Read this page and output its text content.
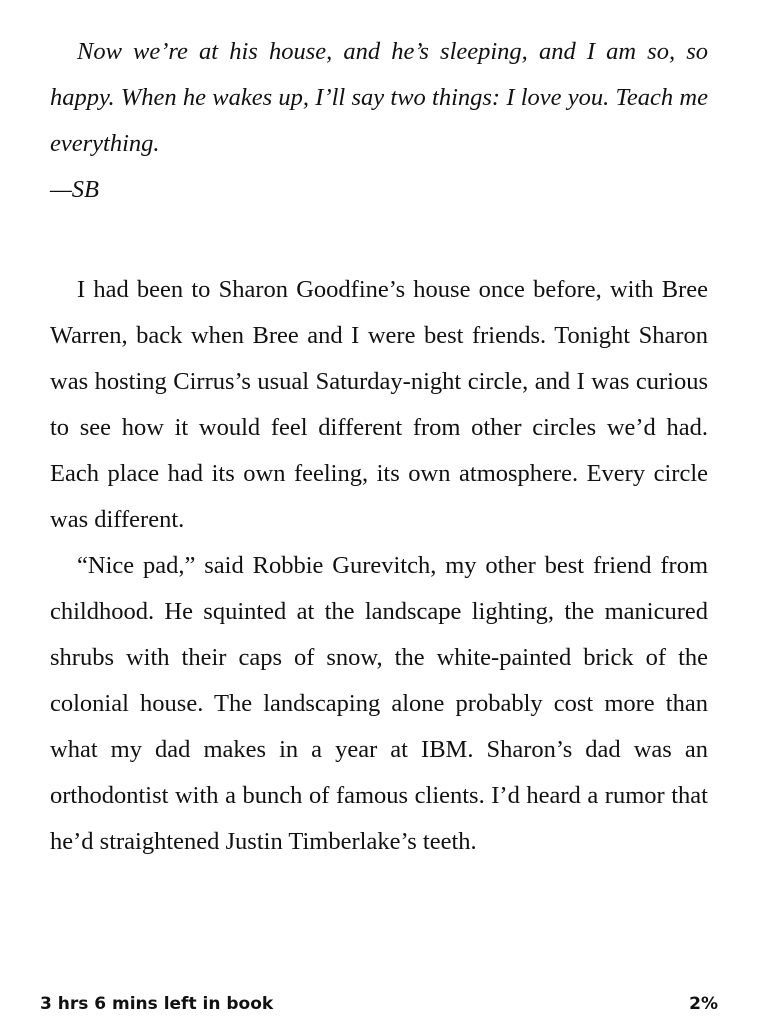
Now we’re at his house, and he’s sleeping, and I am so, so happy. When he wakes up, I’ll say two things: I love you. Teach me everything.

—SB

I had been to Sharon Goodfine’s house once before, with Bree Warren, back when Bree and I were best friends. Tonight Sharon was hosting Cirrus’s usual Saturday-night circle, and I was curious to see how it would feel different from other circles we’d had. Each place had its own feeling, its own atmosphere. Every circle was different.

“Nice pad,” said Robbie Gurevitch, my other best friend from childhood. He squinted at the landscape lighting, the manicured shrubs with their caps of snow, the white-painted brick of the colonial house. The landscaping alone probably cost more than what my dad makes in a year at IBM. Sharon’s dad was an orthodontist with a bunch of famous clients. I’d heard a rumor that he’d straightened Justin Timberlake’s teeth.

3 hrs 6 mins left in book	2%
